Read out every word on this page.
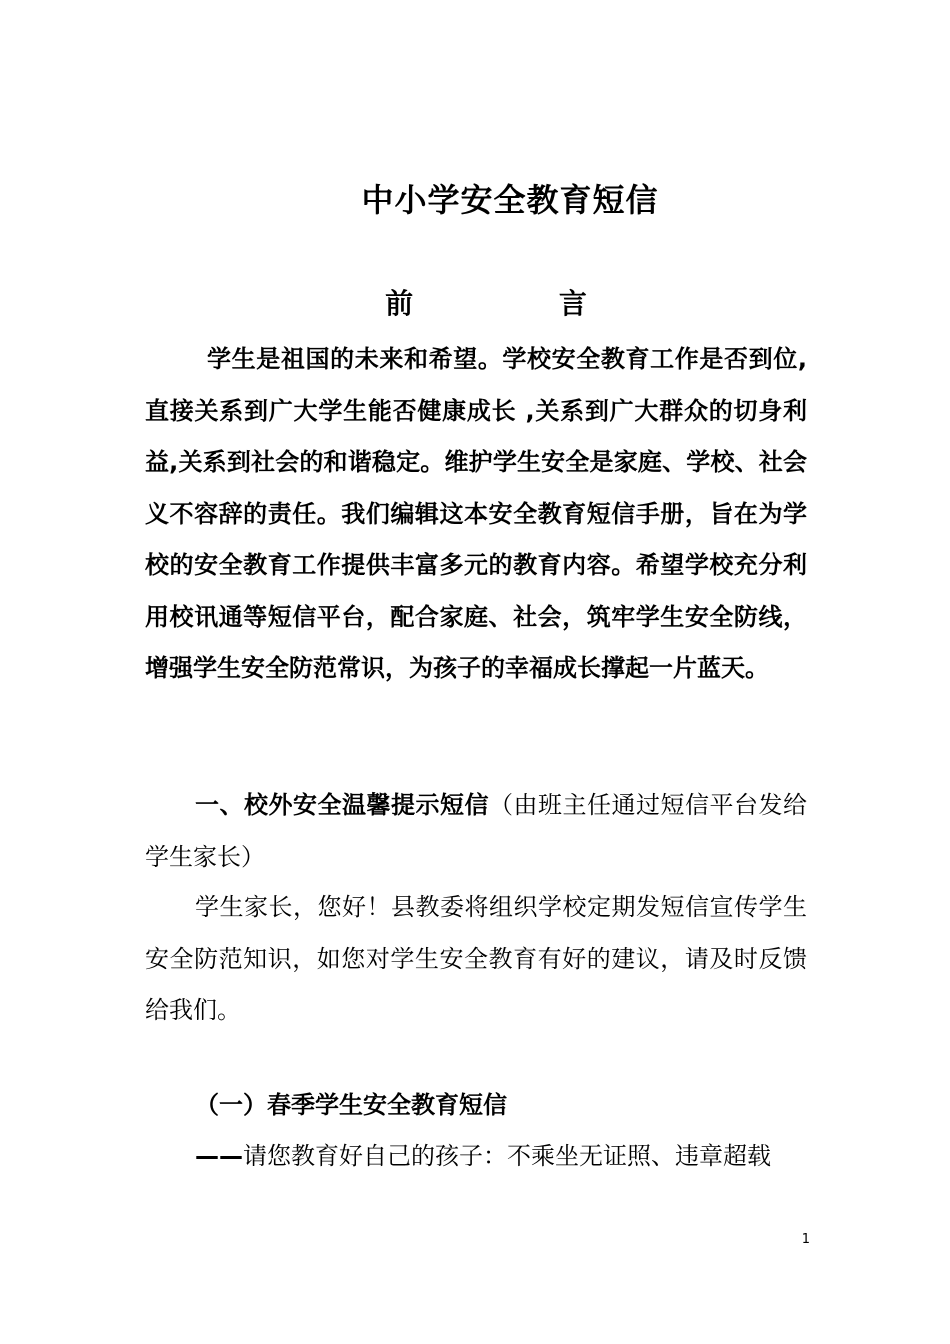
中小学安全教育短信
前 言
学生是祖国的未来和希望。学校安全教育工作是否到位,直接关系到广大学生能否健康成长 ,关系到广大群众的切身利益,关系到社会的和谐稳定。维护学生安全是家庭、学校、社会义不容辞的责任。我们编辑这本安全教育短信手册，旨在为学校的安全教育工作提供丰富多元的教育内容。希望学校充分利用校讯通等短信平台，配合家庭、社会，筑牢学生安全防线，增强学生安全防范常识，为孩子的幸福成长撑起一片蓝天。
一、校外安全温馨提示短信（由班主任通过短信平台发给学生家长）
学生家长，您好！县教委将组织学校定期发短信宣传学生安全防范知识，如您对学生安全教育有好的建议，请及时反馈给我们。
（一）春季学生安全教育短信
——请您教育好自己的孩子：不乘坐无证照、违章超载
1
